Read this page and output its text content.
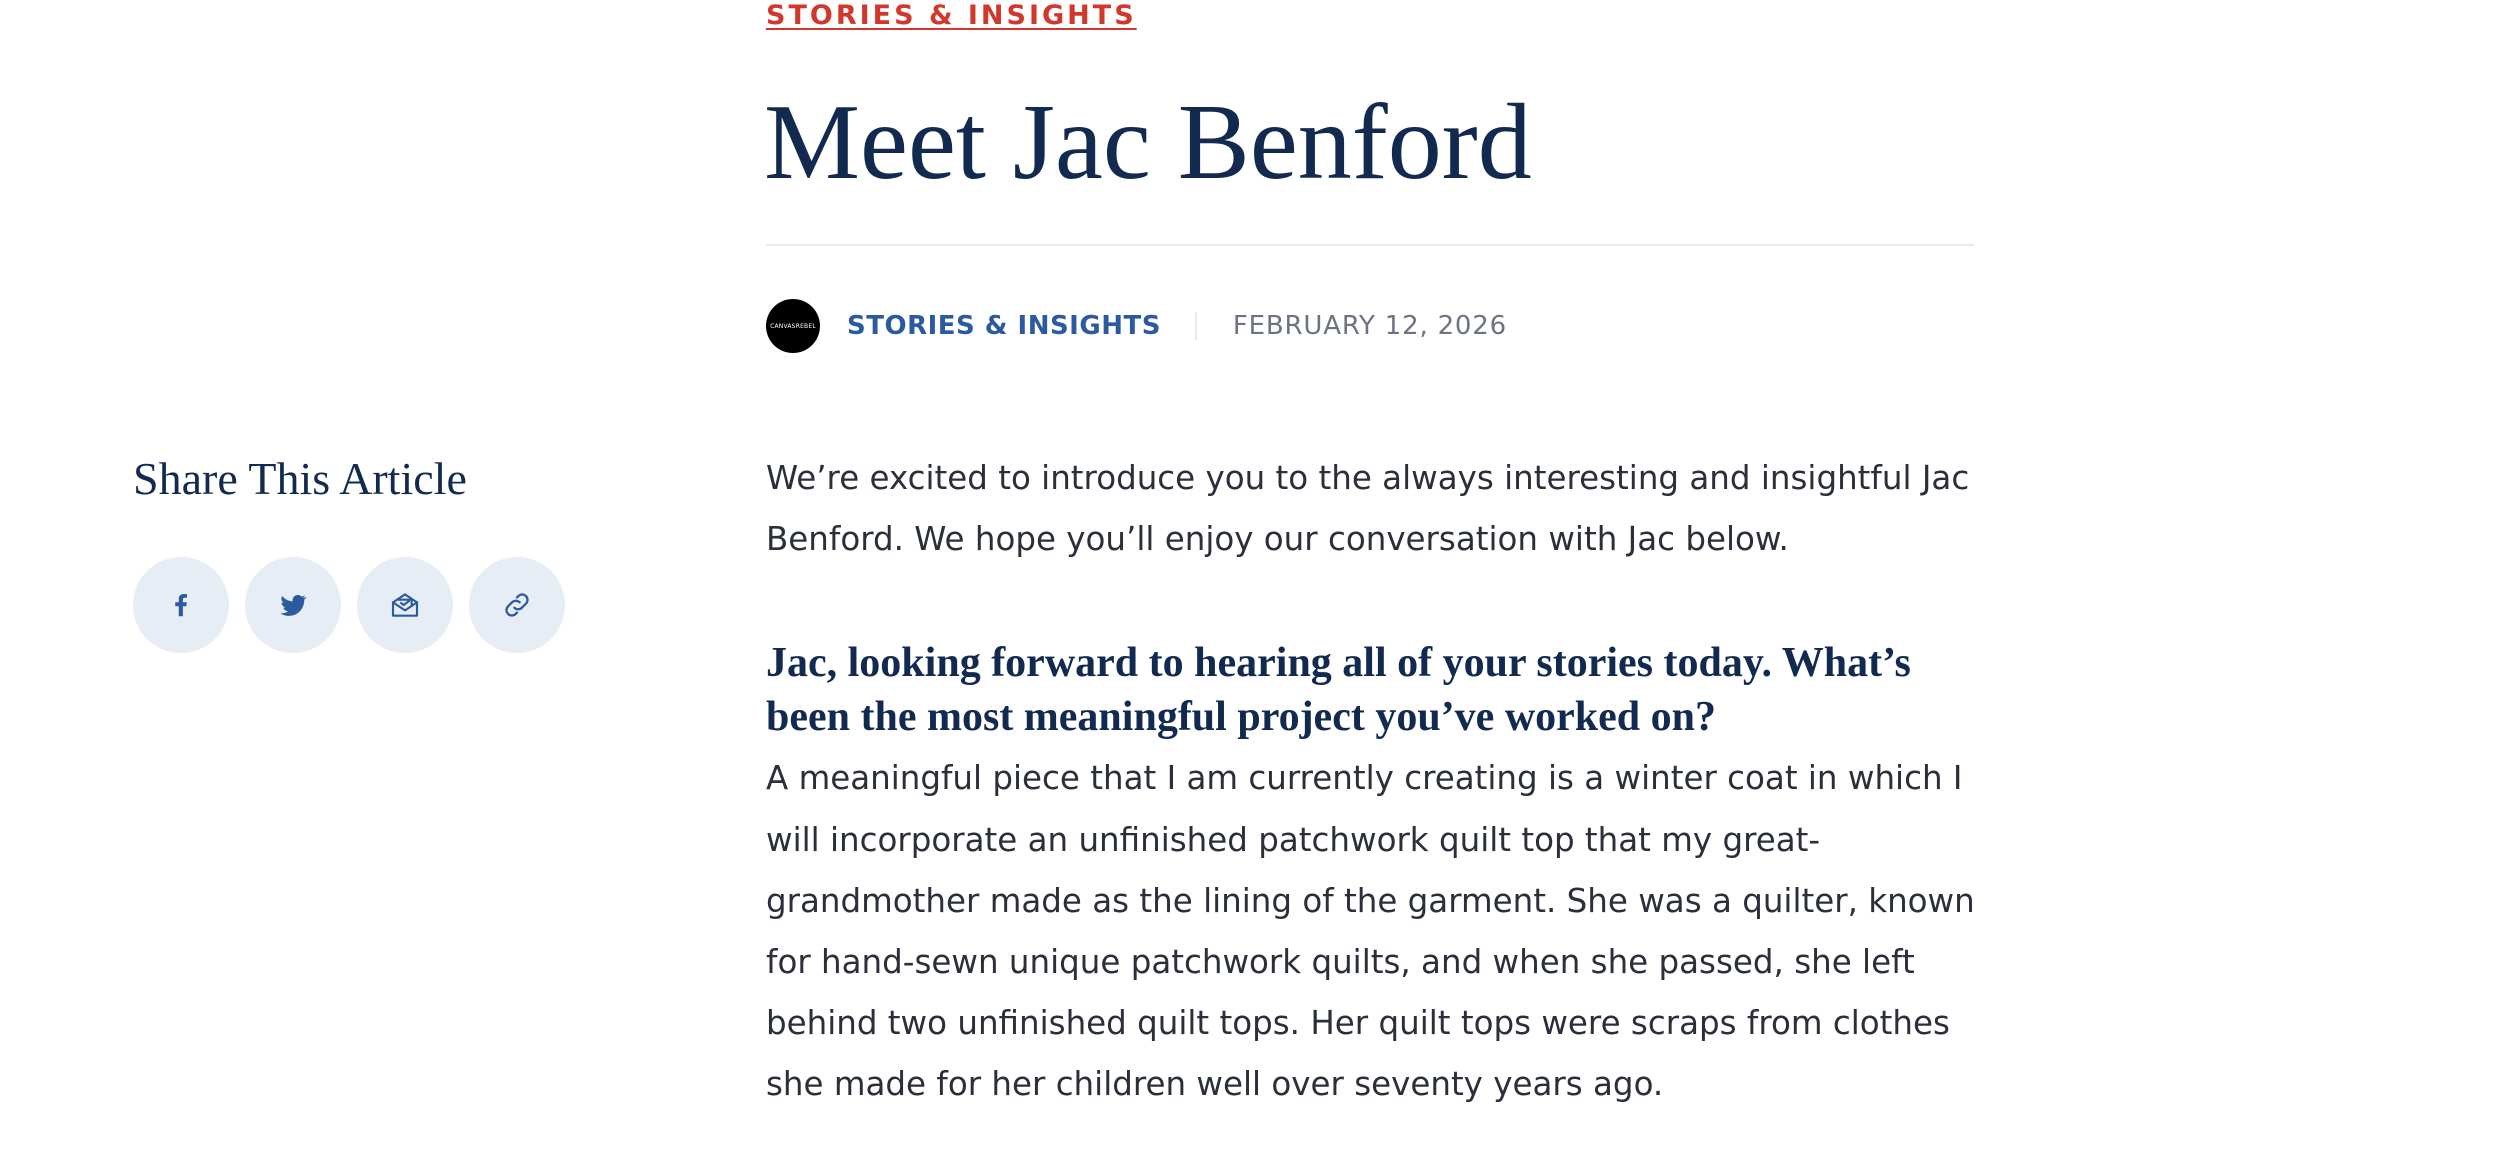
STORIES & INSIGHTS
Meet Jac Benford
CANVASREBEL STORIES & INSIGHTS	FEBRUARY 12, 2026
Share This Article	We’re excited to introduce you to the always interesting and insightful Jac Benford. We hope you’ll enjoy our conversation with Jac below.

Jac, looking forward to hearing all of your stories today. What’s been the most meaningful project you’ve worked on?

A meaningful piece that I am currently creating is a winter coat in which I will incorporate an unfinished patchwork quilt top that my great-grandmother made as the lining of the garment. She was a quilter, known for hand-sewn unique patchwork quilts, and when she passed, she left behind two unfinished quilt tops. Her quilt tops were scraps from clothes she made for her children well over seventy years ago.
